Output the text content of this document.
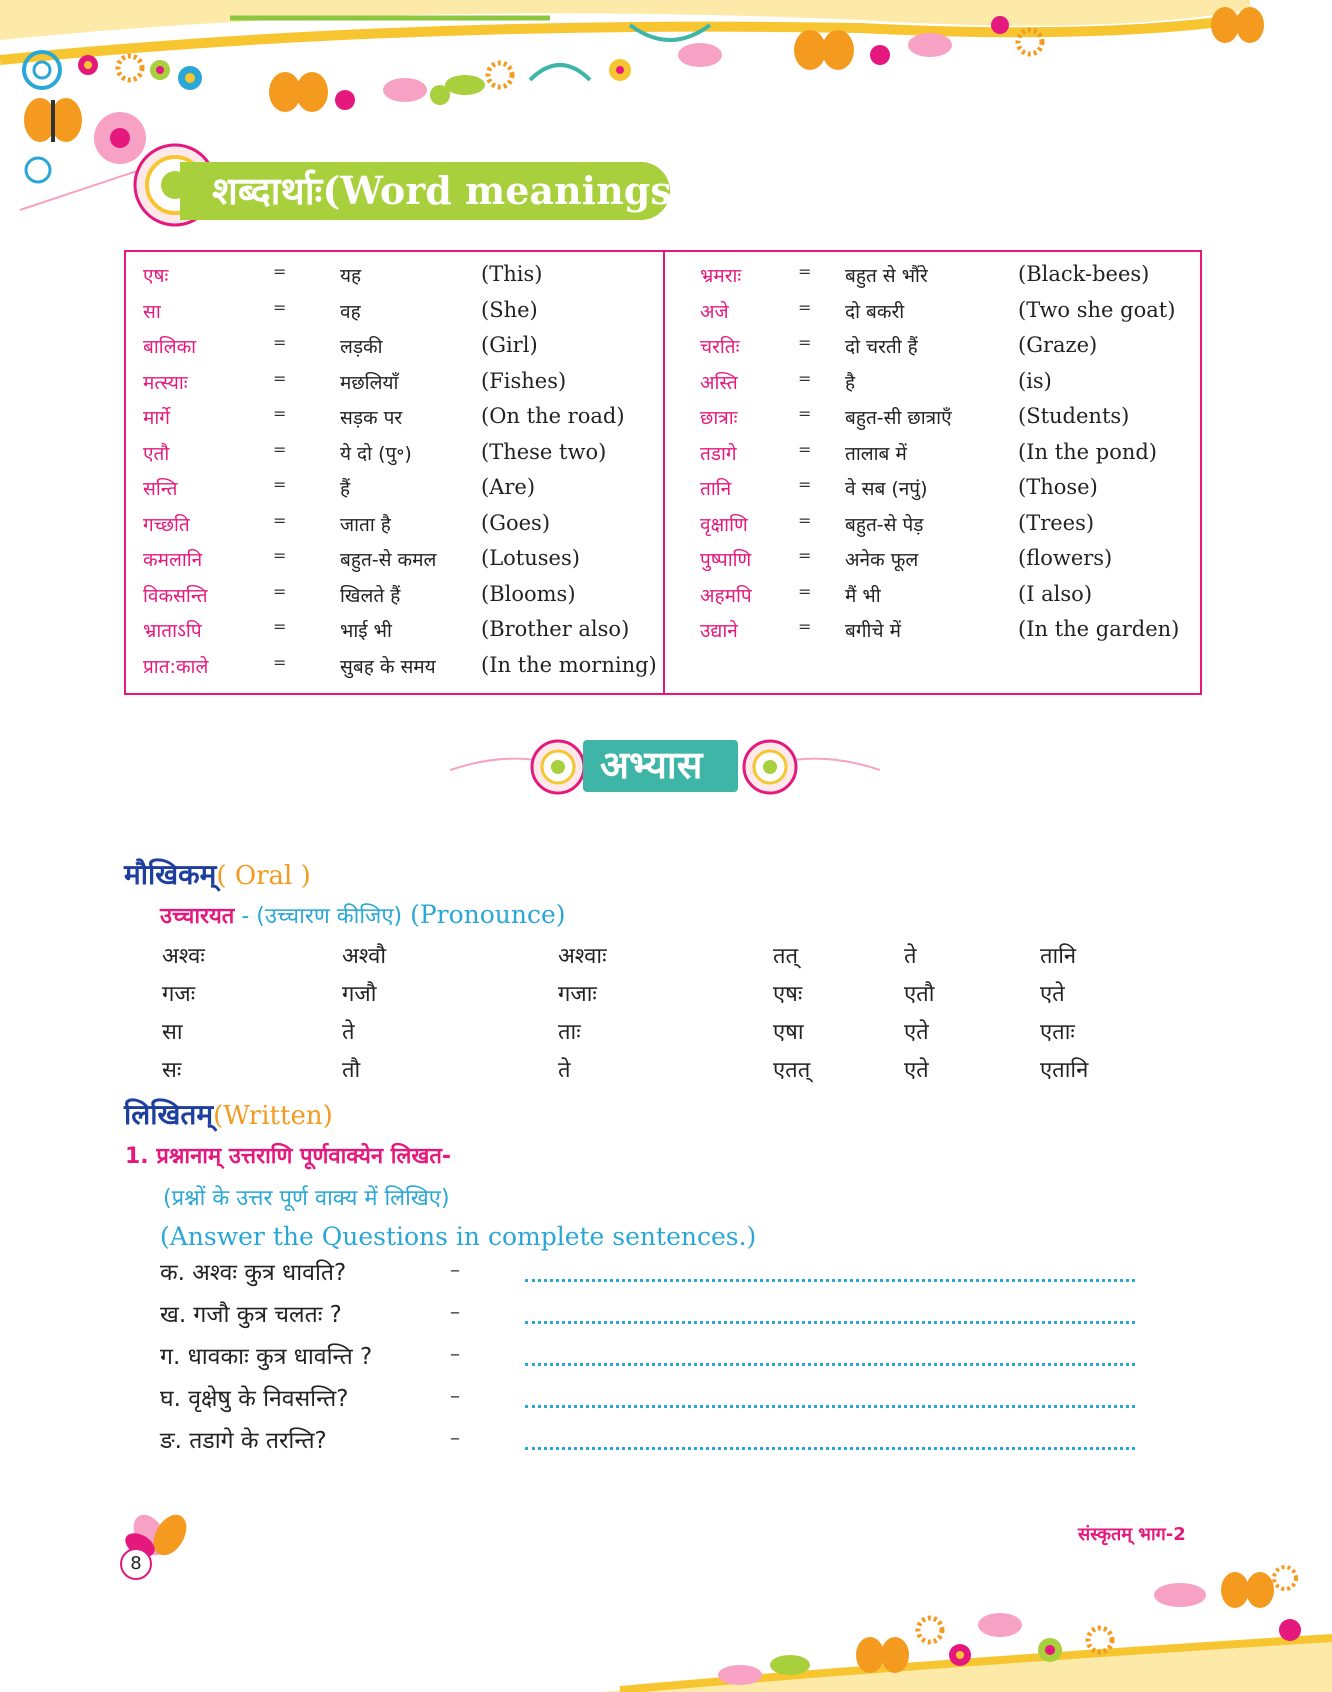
शब्दार्थाः(Word meanings)
एषः	=	यह	(This)
सा	=	वह	(She)
बालिका	=	लड़की	(Girl)
मत्स्याः	=	मछलियाँ	(Fishes)
मार्गे	=	सड़क पर	(On the road)
एतौ	=	ये दो (पु॰)	(These two)
सन्ति	=	हैं	(Are)
गच्छति	=	जाता है	(Goes)
कमलानि	=	बहुत-से कमल (Lotuses)
विकसन्ति	=	खिलते हैं	(Blooms)
भ्राताऽपि	=	भाई भी	(Brother also)
प्रात:काले	=	सुबह के समय (In the morning)
भ्रमराः	= बहुत से भौंरे	(Black-bees)
अजे	= दो बकरी	(Two she goat)
चरतिः	= दो चरती हैं	(Graze)
अस्ति	= है	(is)
छात्राः	= बहुत-सी छात्राएँ	(Students)
तडागे	= तालाब में	(In the pond)
तानि	= वे सब (नपुं)	(Those)
वृक्षाणि	= बहुत-से पेड़	(Trees)
पुष्पाणि	= अनेक फूल	(flowers)
अहमपि	= मैं भी	(I also)
उद्याने	= बगीचे में	(In the garden)
अभ्यास
मौखिकम्( Oral )
उच्चारयत - (उच्चारण कीजिए) (Pronounce)
अश्वः	अश्वौ	अश्वाः	तत्	ते	तानि
गजः	गजौ	गजाः	एषः	एतौ	एते
सा	ते	ताः	एषा	एते	एताः
सः	तौ	ते	एतत्	एते	एतानि
लिखितम्(Written)
1. प्रश्नानाम् उत्तराणि पूर्णवाक्येन लिखत-
(प्रश्नों के उत्तर पूर्ण वाक्य में लिखिए)
(Answer the Questions in complete sentences.)
क. अश्वः कुत्र धावति?	–
ख. गजौ कुत्र चलतः ?	–
ग. धावकाः कुत्र धावन्ति ?	–
घ. वृक्षेषु के निवसन्ति?	–
ङ. तडागे के तरन्ति?	–
8
संस्कृतम् भाग-2
